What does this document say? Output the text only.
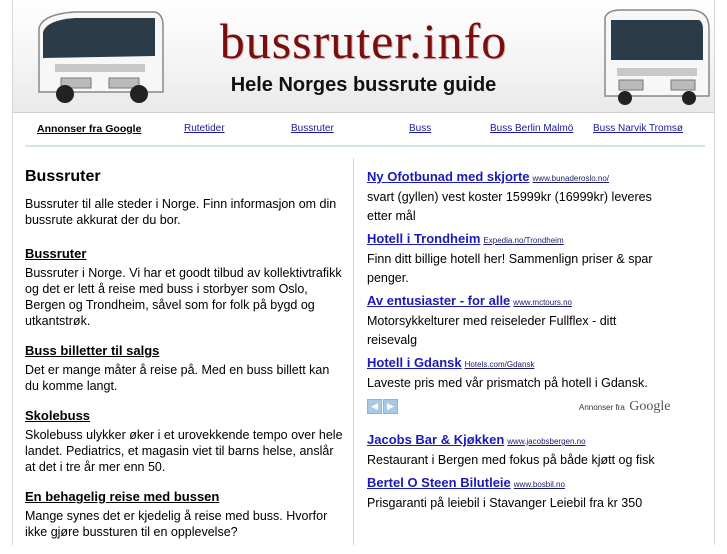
bussruter.info
Hele Norges bussrute guide
Annonser fra Google	Rutetider	Bussruter	Buss	Buss Berlin Malmö Buss Narvik Tromsø
Bussruter

Bussruter til alle steder i Norge. Finn informasjon om din bussrute akkurat der du bor.

Bussruter

Bussruter i Norge. Vi har et goodt tilbud av kollektivtrafikk og det er lett å reise med buss i storbyer som Oslo, Bergen og Trondheim, såvel som for folk på bygd og utkantstrøk.

Buss billetter til salgs

Det er mange måter å reise på. Med en buss billett kan du komme langt.

Skolebuss

Skolebuss ulykker øker i et urovekkende tempo over hele landet. Pediatrics, et magasin viet til barns helse, anslår at det i tre år mer enn 50.

En behagelig reise med bussen

Mange synes det er kjedelig å reise med buss. Hvorfor ikke gjøre bussturen til en opplevelse?

Ny Ofotbunad med skjorte www.bunaderoslo.no/
svart (gyllen) vest koster 15999kr (16999kr) leveres etter mål
Hotell i Trondheim Expedia.no/Trondheim
Finn ditt billige hotell her! Sammenlign priser & spar penger.
Av entusiaster - for alle www.mctours.no
Motorsykkelturer med reiseleder Fullflex - ditt reisevalg
Hotell i Gdansk Hotels.com/Gdansk
Laveste pris med vår prismatch på hotell i Gdansk.
◀	▶	Annonser fra Google
Jacobs Bar & Kjøkken www.jacobsbergen.no
Restaurant i Bergen med fokus på både kjøtt og fisk
Bertel O Steen Bilutleie www.bosbil.no
Prisgaranti på leiebil i Stavanger Leiebil fra kr 350
